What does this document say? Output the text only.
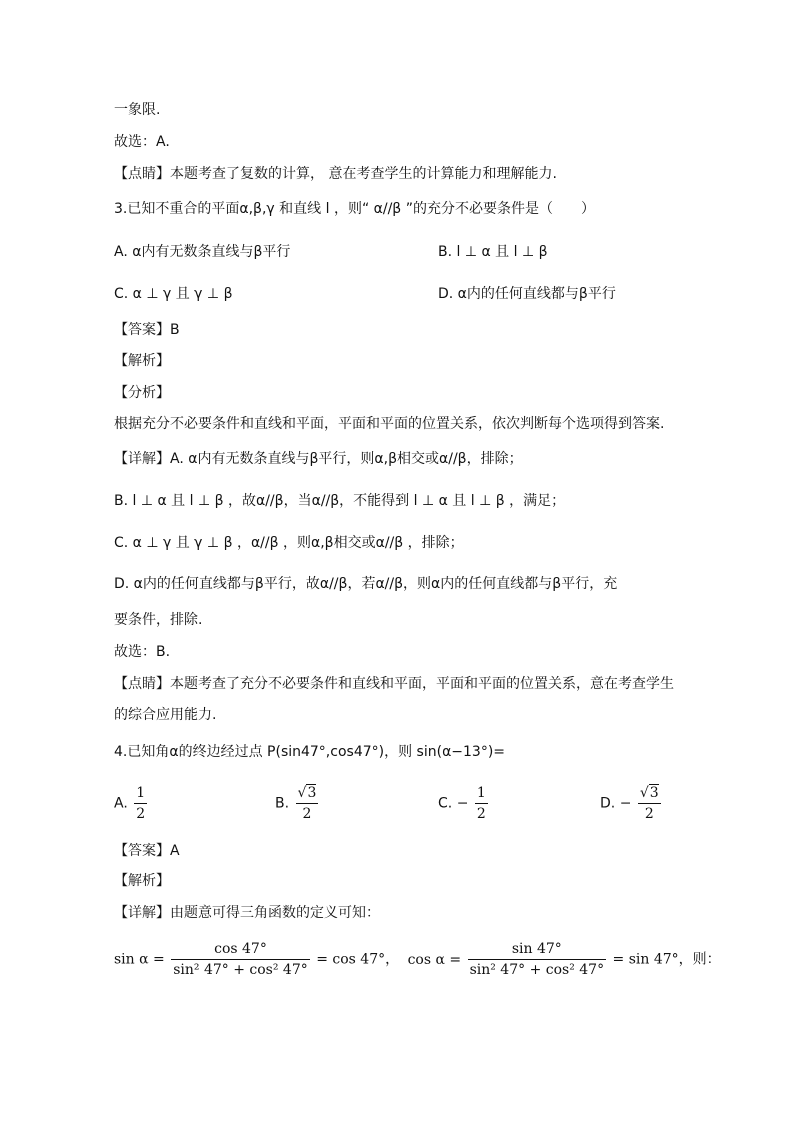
一象限.
故选：A.
【点睛】本题考查了复数的计算， 意在考查学生的计算能力和理解能力.
3.已知不重合的平面α,β,γ 和直线 l ，则“ α//β ”的充分不必要条件是（　　）
A. α内有无数条直线与β平行	B. l ⊥ α 且 l ⊥ β
C. α ⊥ γ 且 γ ⊥ β	D. α内的任何直线都与β平行
【答案】B
【解析】
【分析】
根据充分不必要条件和直线和平面，平面和平面的位置关系，依次判断每个选项得到答案.
【详解】A. α内有无数条直线与β平行，则α,β相交或α//β，排除；
B. l ⊥ α 且 l ⊥ β ，故α//β，当α//β，不能得到 l ⊥ α 且 l ⊥ β ，满足；
C. α ⊥ γ 且 γ ⊥ β ，α//β ，则α,β相交或α//β ，排除；
D. α内的任何直线都与β平行，故α//β，若α//β，则α内的任何直线都与β平行，充
要条件，排除.
故选：B.
【点睛】本题考查了充分不必要条件和直线和平面，平面和平面的位置关系，意在考查学生
的综合应用能力.
4.已知角α的终边经过点 P(sin47°,cos47°)，则 sin(α−13°)=
A. $\frac{1}{2}$	B. $\frac{√3}{2}$	C. − $\frac{1}{2}$	D. − $\frac{√3}{2}$
【答案】A
【解析】
【详解】由题意可得三角函数的定义可知：
$\sin \alpha = \frac{\cos 47^\circ}{\text{sin² 47° + cos² 47°}} = \cos 47^\circ$， $\cos \alpha = \frac{\sin 47^\circ}{\text{sin² 47° + cos² 47°}} = \sin 47^\circ$，则：
